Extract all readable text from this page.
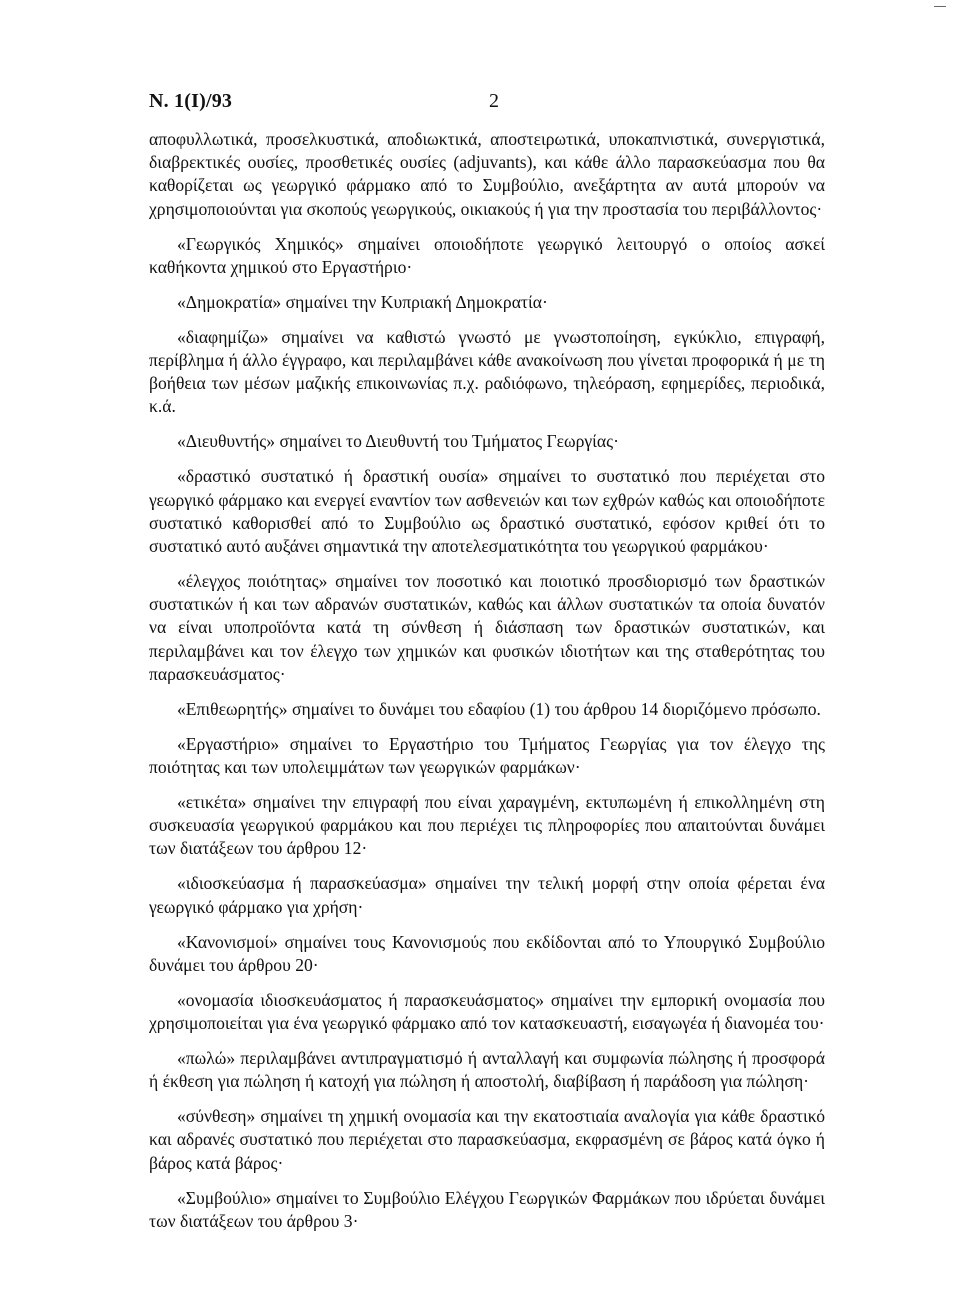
Ν. 1(Ι)/93	2

αποφυλλωτικά, προσελκυστικά, αποδιωκτικά, αποστειρωτικά, υποκαπνιστικά, συνεργιστικά, διαβρεκτικές ουσίες, προσθετικές ουσίες (adjuvants), και κάθε άλλο παρασκεύασμα που θα καθορίζεται ως γεωργικό φάρμακο από το Συμβούλιο, ανεξάρτητα αν αυτά μπορούν να χρησιμοποιούνται για σκοπούς γεωργικούς, οικιακούς ή για την προστασία του περιβάλλοντος·

«Γεωργικός Χημικός» σημαίνει οποιοδήποτε γεωργικό λειτουργό ο οποίος ασκεί καθήκοντα χημικού στο Εργαστήριο·

«Δημοκρατία» σημαίνει την Κυπριακή Δημοκρατία·

«διαφημίζω» σημαίνει να καθιστώ γνωστό με γνωστοποίηση, εγκύκλιο, επιγραφή, περίβλημα ή άλλο έγγραφο, και περιλαμβάνει κάθε ανακοίνωση που γίνεται προφορικά ή με τη βοήθεια των μέσων μαζικής επικοινωνίας π.χ. ραδιόφωνο, τηλεόραση, εφημερίδες, περιοδικά, κ.ά.

«Διευθυντής» σημαίνει το Διευθυντή του Τμήματος Γεωργίας·

«δραστικό συστατικό ή δραστική ουσία» σημαίνει το συστατικό που περιέχεται στο γεωργικό φάρμακο και ενεργεί εναντίον των ασθενειών και των εχθρών καθώς και οποιοδήποτε συστατικό καθορισθεί από το Συμβούλιο ως δραστικό συστατικό, εφόσον κριθεί ότι το συστατικό αυτό αυξάνει σημαντικά την αποτελεσματικότητα του γεωργικού φαρμάκου·

«έλεγχος ποιότητας» σημαίνει τον ποσοτικό και ποιοτικό προσδιορισμό των δραστικών συστατικών ή και των αδρανών συστατικών, καθώς και άλλων συστατικών τα οποία δυνατόν να είναι υποπροϊόντα κατά τη σύνθεση ή διάσπαση των δραστικών συστατικών, και περιλαμβάνει και τον έλεγχο των χημικών και φυσικών ιδιοτήτων και της σταθερότητας του παρασκευάσματος·

«Επιθεωρητής» σημαίνει το δυνάμει του εδαφίου (1) του άρθρου 14 διοριζόμενο πρόσωπο.

«Εργαστήριο» σημαίνει το Εργαστήριο του Τμήματος Γεωργίας για τον έλεγχο της ποιότητας και των υπολειμμάτων των γεωργικών φαρμάκων·

«ετικέτα» σημαίνει την επιγραφή που είναι χαραγμένη, εκτυπωμένη ή επικολλημένη στη συσκευασία γεωργικού φαρμάκου και που περιέχει τις πληροφορίες που απαιτούνται δυνάμει των διατάξεων του άρθρου 12·

«ιδιοσκεύασμα ή παρασκεύασμα» σημαίνει την τελική μορφή στην οποία φέρεται ένα γεωργικό φάρμακο για χρήση·

«Κανονισμοί» σημαίνει τους Κανονισμούς που εκδίδονται από το Υπουργικό Συμβούλιο δυνάμει του άρθρου 20·

«ονομασία ιδιοσκευάσματος ή παρασκευάσματος» σημαίνει την εμπορική ονομασία που χρησιμοποιείται για ένα γεωργικό φάρμακο από τον κατασκευαστή, εισαγωγέα ή διανομέα του·

«πωλώ» περιλαμβάνει αντιπραγματισμό ή ανταλλαγή και συμφωνία πώλησης ή προσφορά ή έκθεση για πώληση ή κατοχή για πώληση ή αποστολή, διαβίβαση ή παράδοση για πώληση·

«σύνθεση» σημαίνει τη χημική ονομασία και την εκατοστιαία αναλογία για κάθε δραστικό και αδρανές συστατικό που περιέχεται στο παρασκεύασμα, εκφρασμένη σε βάρος κατά όγκο ή βάρος κατά βάρος·

«Συμβούλιο» σημαίνει το Συμβούλιο Ελέγχου Γεωργικών Φαρμάκων που ιδρύεται δυνάμει των διατάξεων του άρθρου 3·
